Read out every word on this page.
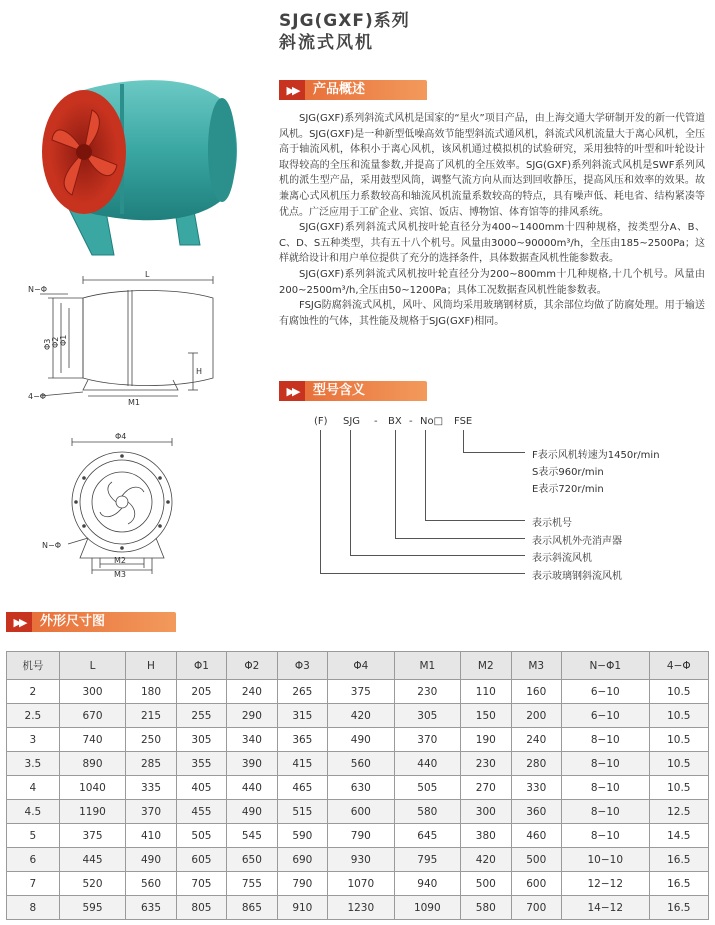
SJG(GXF)系列
斜流式风机
▶▶	产品概述

SJG(GXF)系列斜流式风机是国家的“星火”项目产品，由上海交通大学研制开发的新一代管道风机。SJG(GXF)是一种新型低噪高效节能型斜流式通风机，斜流式风机流量大于离心风机，全压高于轴流风机，体积小于离心风机，该风机通过模拟机的试验研究，采用独特的叶型和叶轮设计取得较高的全压和流量参数,并提高了风机的全压效率。SJG(GXF)系列斜流式风机是SWF系列风机的派生型产品，采用鼓型风筒，调整气流方向从而达到回收静压，提高风压和效率的效果。故兼离心式风机压力系数较高和轴流风机流量系数较高的特点，具有噪声低、耗电省、结构紧凑等优点。广泛应用于工矿企业、宾馆、饭店、博物馆、体育馆等的排风系统。

SJG(GXF)系列斜流式风机按叶轮直径分为400~1400mm十四种规格，按类型分A、B、C、D、S五种类型，共有五十八个机号。风量由3000~90000m³/h，全压由185~2500Pa；这样就给设计和用户单位提供了充分的选择条件，具体数据查风机性能参数表。

SJG(GXF)系列斜流式风机按叶轮直径分为200~800mm十几种规格,十几个机号。风量由200~2500m³/h,全压由50~1200Pa；具体工况数据查风机性能参数表。

FSJG防腐斜流式风机，风叶、风筒均采用玻璃钢材质，其余部位均做了防腐处理。用于输送有腐蚀性的气体，其性能及规格于SJG(GXF)相同。

L
H
M1
N−Φ
4−Φ
Φ3 Φ2 Φ1
Φ4
N−Φ
M2
M3
▶▶	型号含义
(F) SJG - BX - No□ FSE
F表示风机转速为1450r/min
S表示960r/min
E表示720r/min
表示机号
表示风机外壳消声器
表示斜流风机
表示玻璃钢斜流风机
▶▶	外形尺寸图
机号	L	H	Φ1	Φ2	Φ3	Φ4	M1	M2	M3	N−Φ1	4−Φ
2	300	180	205	240	265	375	230	110	160	6−10	10.5
2.5	670	215	255	290	315	420	305	150	200	6−10	10.5
3	740	250	305	340	365	490	370	190	240	8−10	10.5
3.5	890	285	355	390	415	560	440	230	280	8−10	10.5
4	1040	335	405	440	465	630	505	270	330	8−10	10.5
4.5	1190	370	455	490	515	600	580	300	360	8−10	12.5
5	375	410	505	545	590	790	645	380	460	8−10	14.5
6	445	490	605	650	690	930	795	420	500	10−10	16.5
7	520	560	705	755	790	1070	940	500	600	12−12	16.5
8	595	635	805	865	910	1230	1090	580	700	14−12	16.5
